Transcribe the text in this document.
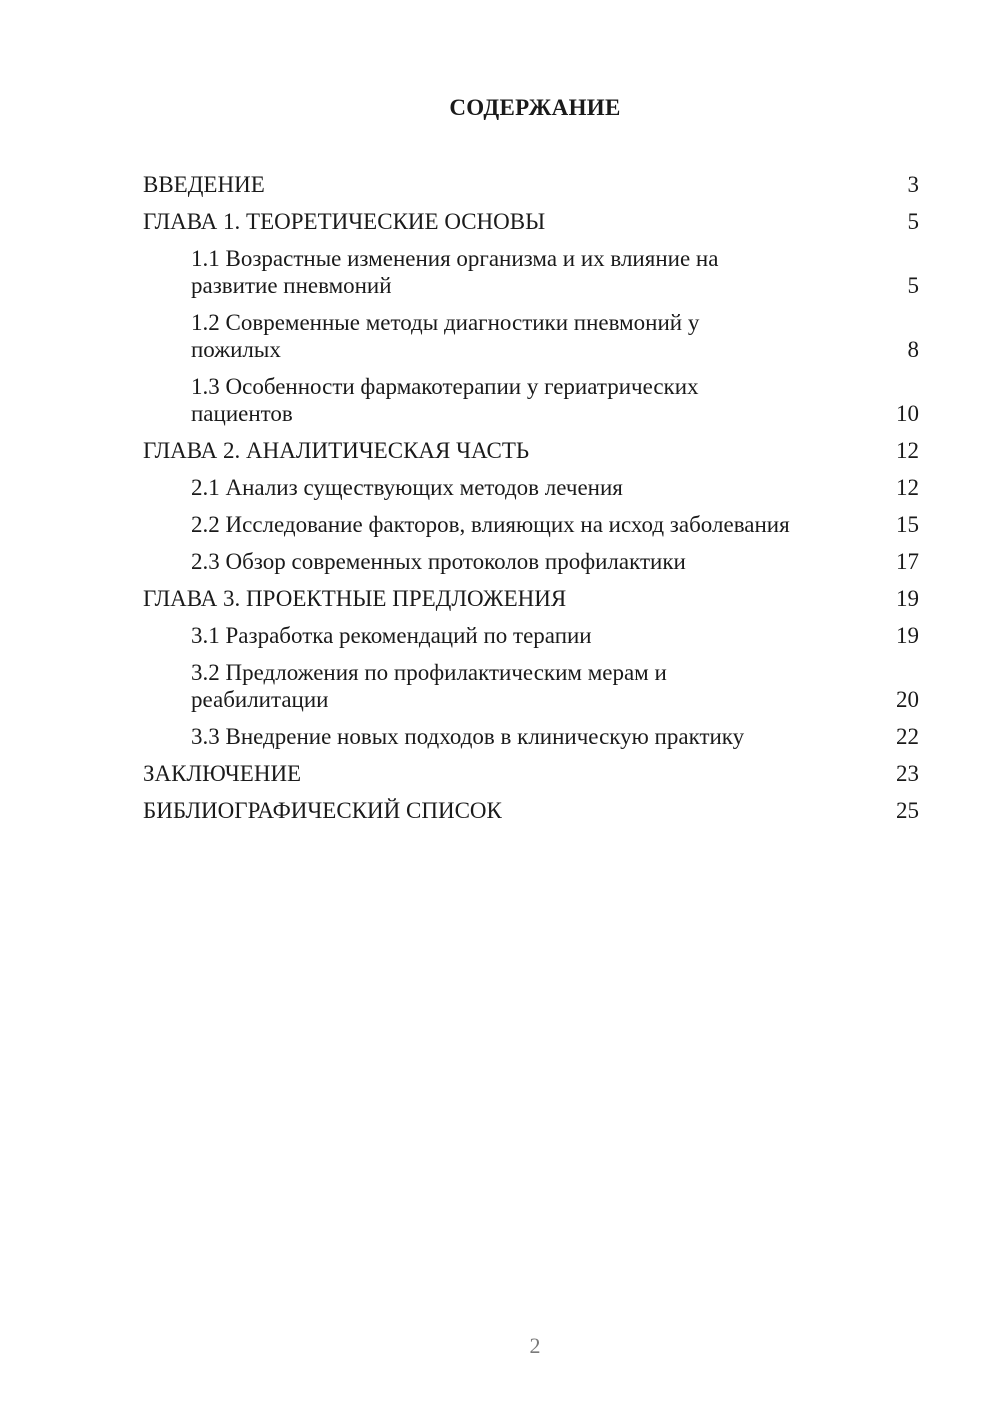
СОДЕРЖАНИЕ
ВВЕДЕНИЕ	3
ГЛАВА 1. ТЕОРЕТИЧЕСКИЕ ОСНОВЫ	5
1.1 Возрастные изменения организма и их влияние на развитие пневмоний	5
1.2 Современные методы диагностики пневмоний у пожилых	8
1.3 Особенности фармакотерапии у гериатрических пациентов	10
ГЛАВА 2. АНАЛИТИЧЕСКАЯ ЧАСТЬ	12
2.1 Анализ существующих методов лечения	12
2.2 Исследование факторов, влияющих на исход заболевания	15
2.3 Обзор современных протоколов профилактики	17
ГЛАВА 3. ПРОЕКТНЫЕ ПРЕДЛОЖЕНИЯ	19
3.1 Разработка рекомендаций по терапии	19
3.2 Предложения по профилактическим мерам и реабилитации	20
3.3 Внедрение новых подходов в клиническую практику	22
ЗАКЛЮЧЕНИЕ	23
БИБЛИОГРАФИЧЕСКИЙ СПИСОК	25
2
